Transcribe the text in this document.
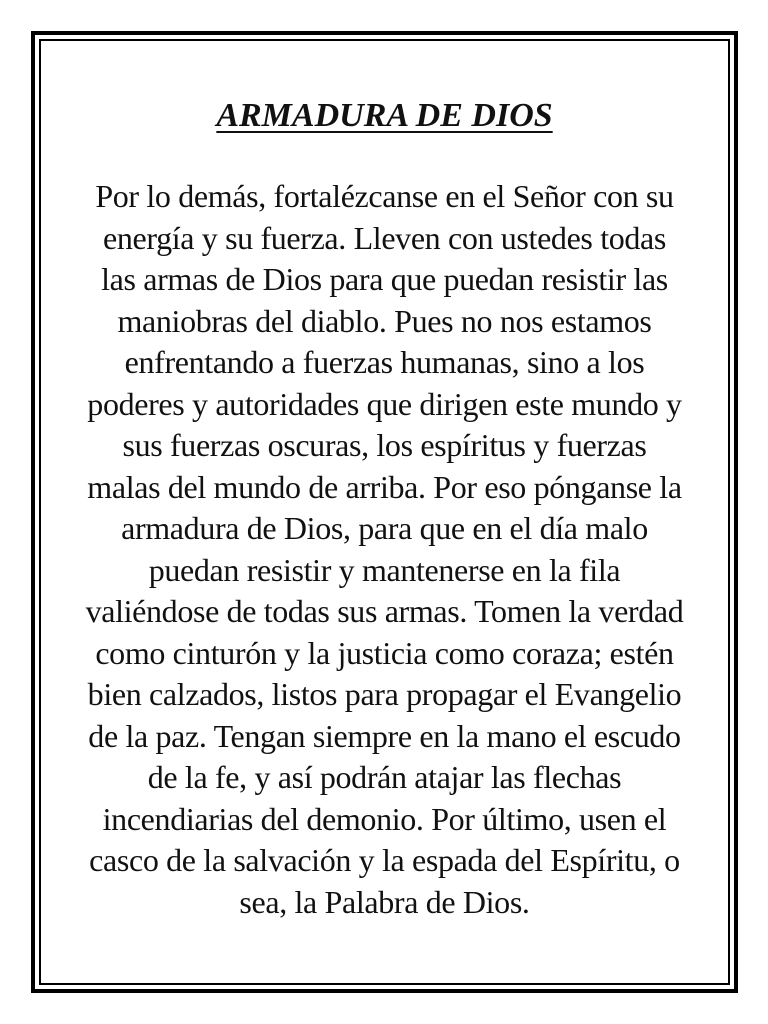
ARMADURA DE DIOS
Por lo demás, fortalézcanse en el Señor con su
energía y su fuerza. Lleven con ustedes todas
las armas de Dios para que puedan resistir las
maniobras del diablo. Pues no nos estamos
enfrentando a fuerzas humanas, sino a los
poderes y autoridades que dirigen este mundo y
sus fuerzas oscuras, los espíritus y fuerzas
malas del mundo de arriba. Por eso pónganse la
armadura de Dios, para que en el día malo
puedan resistir y mantenerse en la fila
valiéndose de todas sus armas. Tomen la verdad
como cinturón y la justicia como coraza; estén
bien calzados, listos para propagar el Evangelio
de la paz. Tengan siempre en la mano el escudo
de la fe, y así podrán atajar las flechas
incendiarias del demonio. Por último, usen el
casco de la salvación y la espada del Espíritu, o
sea, la Palabra de Dios.
